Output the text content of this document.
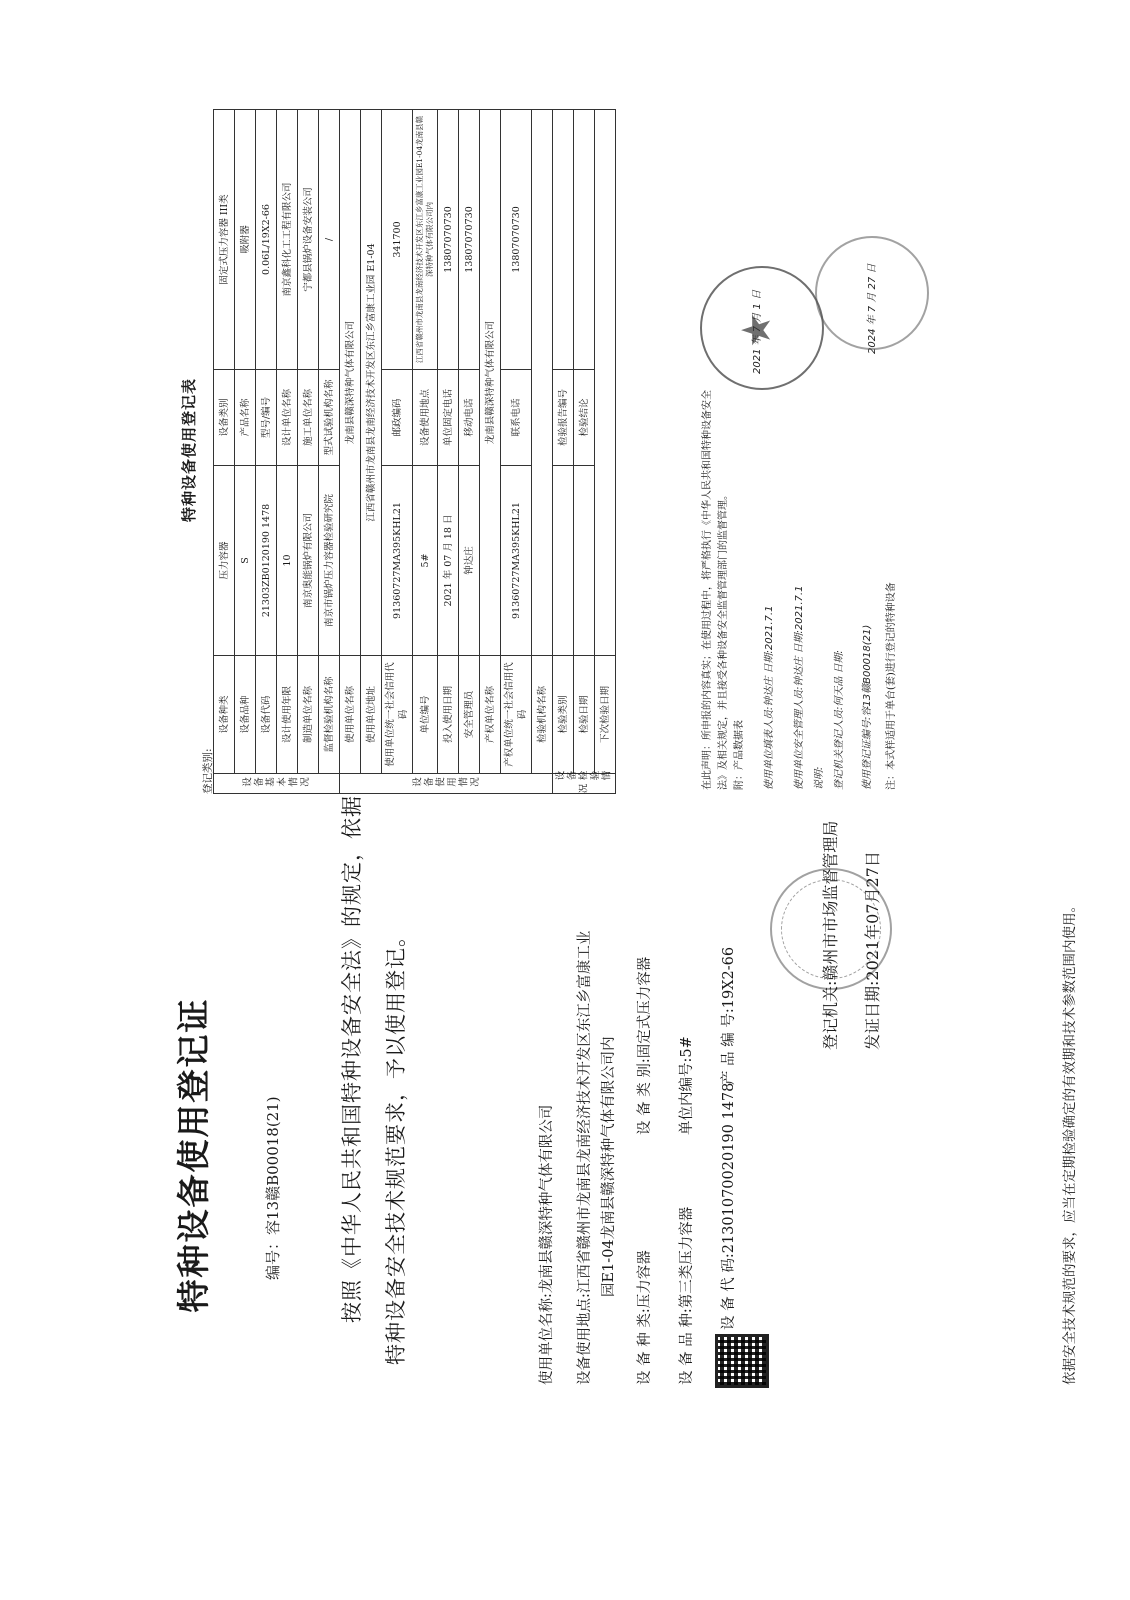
特种设备使用登记证	编号：容13赣B00018(21)	按照《中华人民共和国特种设备安全法》的规定，依据特种设备安全技术规范要求，予以使用登记。	使用单位名称:龙南县赣深特种气体有限公司	设备使用地点:江西省赣州市龙南县龙南经济技术开发区东江乡富康工业 园E1-04龙南县赣深特种气体有限公司内
设 备 种 类:压力容器
设 备 类 别:固定式压力容器
设 备 品 种:第三类压力容器
单位内编号:5#	设 备 代 码:21301070020190 1478
产 品 编 号:19X2-66	登记机关:赣州市市场监督管理局 发证日期:2021年07月27日	依据安全技术规范的要求，应当在定期检验确定的有效期和技术参数范围内使用。
特种设备使用登记表
登记类别:	设备基本情况	设备种类	压力容器	设备类别	固定式压力容器 III类
	设备品种	S	产品名称	吸附器
	设备代码	21303ZB0120190 1478	型号/编号	0.06L/19X2-66
	设计使用年限	10	设计单位名称	南京鑫科化工工程有限公司
	制造单位名称	南京奥能锅炉有限公司	施工单位名称	宁都县锅炉设备安装公司
	监督检验机构名称	南京市锅炉压力容器检验研究院	型式试验机构名称	/
设备使用情况	使用单位名称	龙南县赣深特种气体有限公司		
	使用单位地址	江西省赣州市龙南县龙南经济技术开发区东江乡富康工业园 E1-04		
	使用单位统一社会信用代码	91360727MA395KHL21	邮政编码	341700
	单位编号	5#	设备使用地点	江西省赣州市龙南县龙南经济技术开发区东江乡富康工业园E1-04龙南县赣深特种气体有限公司内

	投入使用日期	2021 年 07 月 18 日	单位固定电话	13807070730
	安全管理员	钟达庄	移动电话	13807070730
	产权单位名称	龙南县赣深特种气体有限公司		
	产权单位统一社会信用代码	91360727MA395KHL21	联系电话	13807070730
	检验机构名称			
设备检验情况	检验类别		检验报告编号	
	检验日期		检验结论	
	下次检验日期				在此声明：所申报的内容真实；在使用过程中，将严格执行《中华人民共和国特种设备安全 法》及相关规定，并且接受各种设备安全监督管理部门的监督管理。 附：产品数据表 使用单位填表人员:钟达庄 日期:2021.7.1 使用单位安全管理人员:钟达庄 日期:2021.7.1 说明: 登记机关登记人员:何天品 日期: 使用登记证编号:容13赣B00018(21) 注：本式样适用于单台(套)进行登记的特种设备
2021 年 7 月 1 日	2024 年 7 月 27 日
★
